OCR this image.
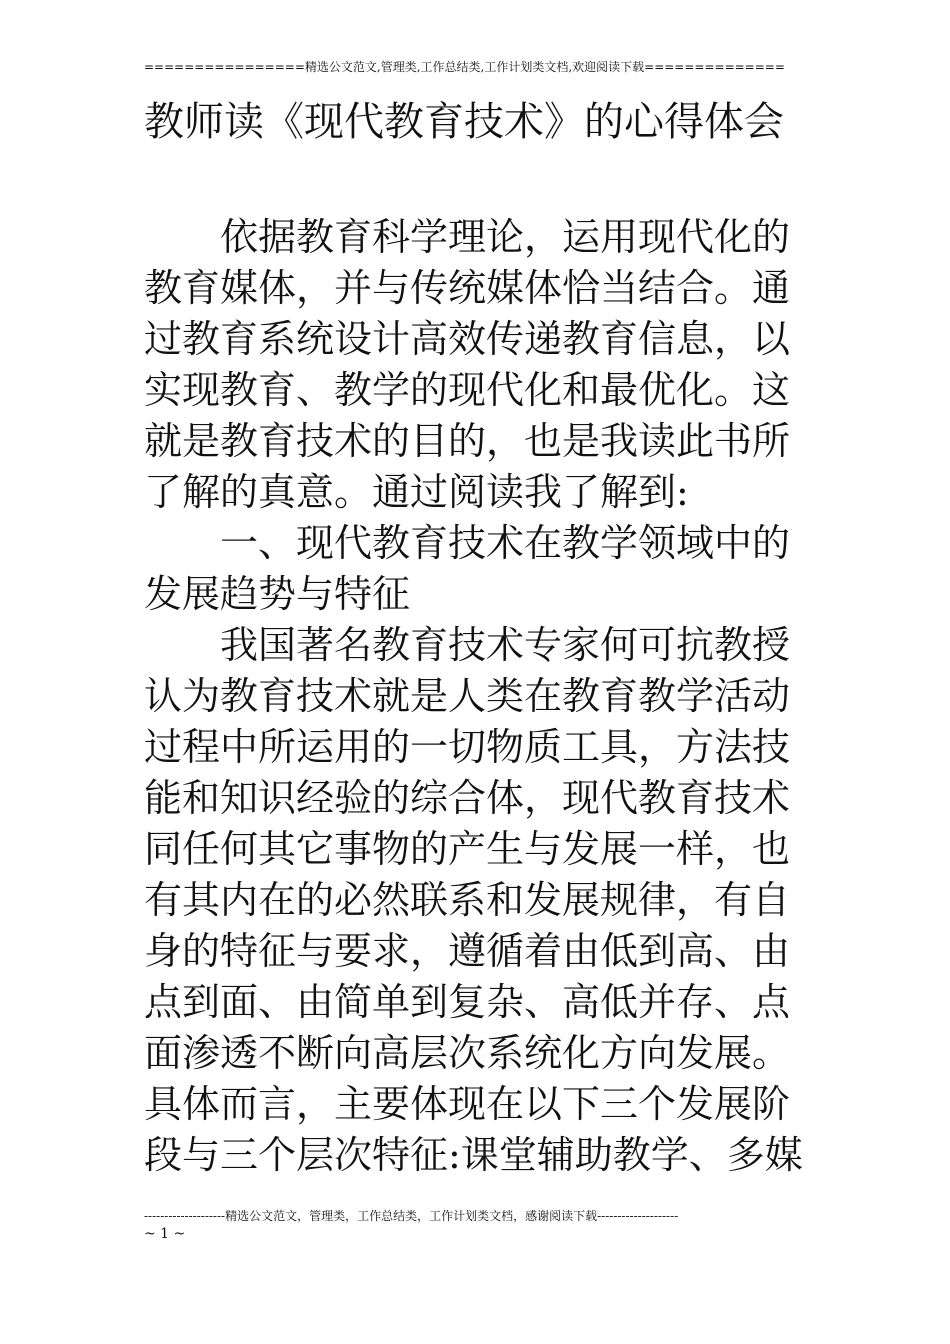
================精选公文范文,管理类,工作总结类,工作计划类文档,欢迎阅读下载==============
教师读《现代教育技术》的心得体会

依据教育科学理论，运用现代化的教育媒体，并与传统媒体恰当结合。通过教育系统设计高效传递教育信息，以实现教育、教学的现代化和最优化。这就是教育技术的目的，也是我读此书所了解的真意。通过阅读我了解到:

一、现代教育技术在教学领域中的发展趋势与特征

我国著名教育技术专家何可抗教授认为教育技术就是人类在教育教学活动过程中所运用的一切物质工具，方法技能和知识经验的综合体，现代教育技术同任何其它事物的产生与发展一样，也有其内在的必然联系和发展规律，有自身的特征与要求，遵循着由低到高、由点到面、由简单到复杂、高低并存、点面渗透不断向高层次系统化方向发展。具体而言，主要体现在以下三个发展阶段与三个层次特征:课堂辅助教学、多媒

--------------------精选公文范文，管理类，工作总结类，工作计划类文档，感谢阅读下载--------------------
~ 1 ~
